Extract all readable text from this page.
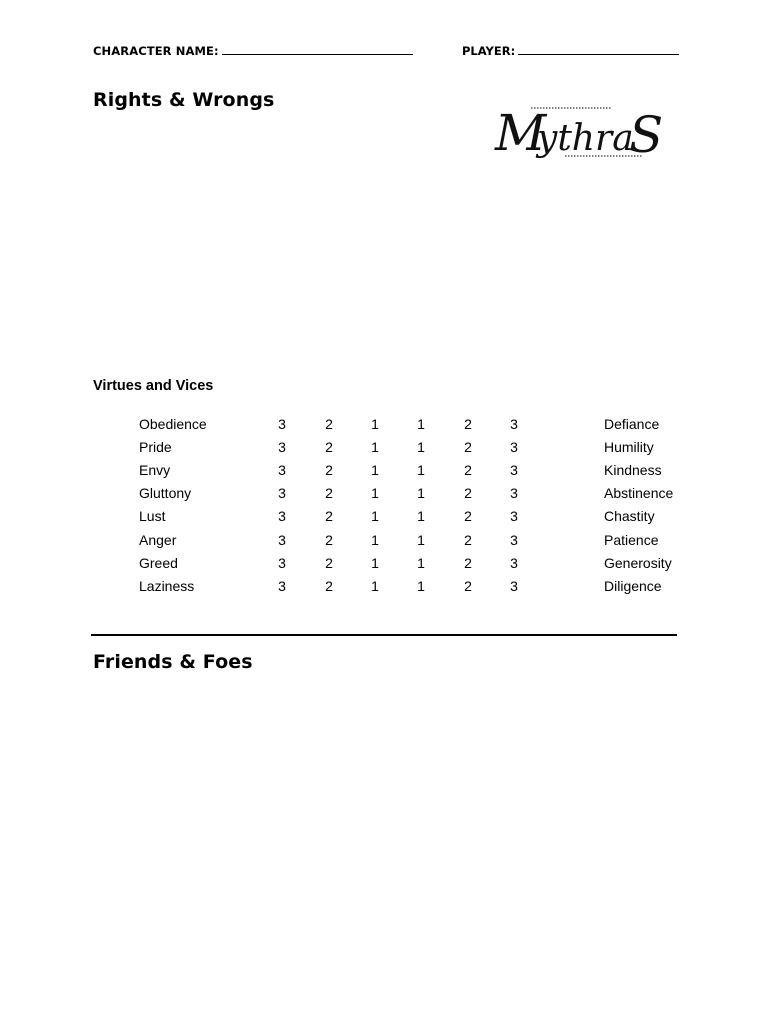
CHARACTER NAME:	PLAYER:
Rights & Wrongs
M
ythra
S
Virtues and Vices
Obedience	3	2	1	1	2	3	Defiance
Pride	3	2	1	1	2	3	Humility
Envy	3	2	1	1	2	3	Kindness
Gluttony	3	2	1	1	2	3	Abstinence
Lust	3	2	1	1	2	3	Chastity
Anger	3	2	1	1	2	3	Patience
Greed	3	2	1	1	2	3	Generosity
Laziness	3	2	1	1	2	3	Diligence
Friends & Foes
